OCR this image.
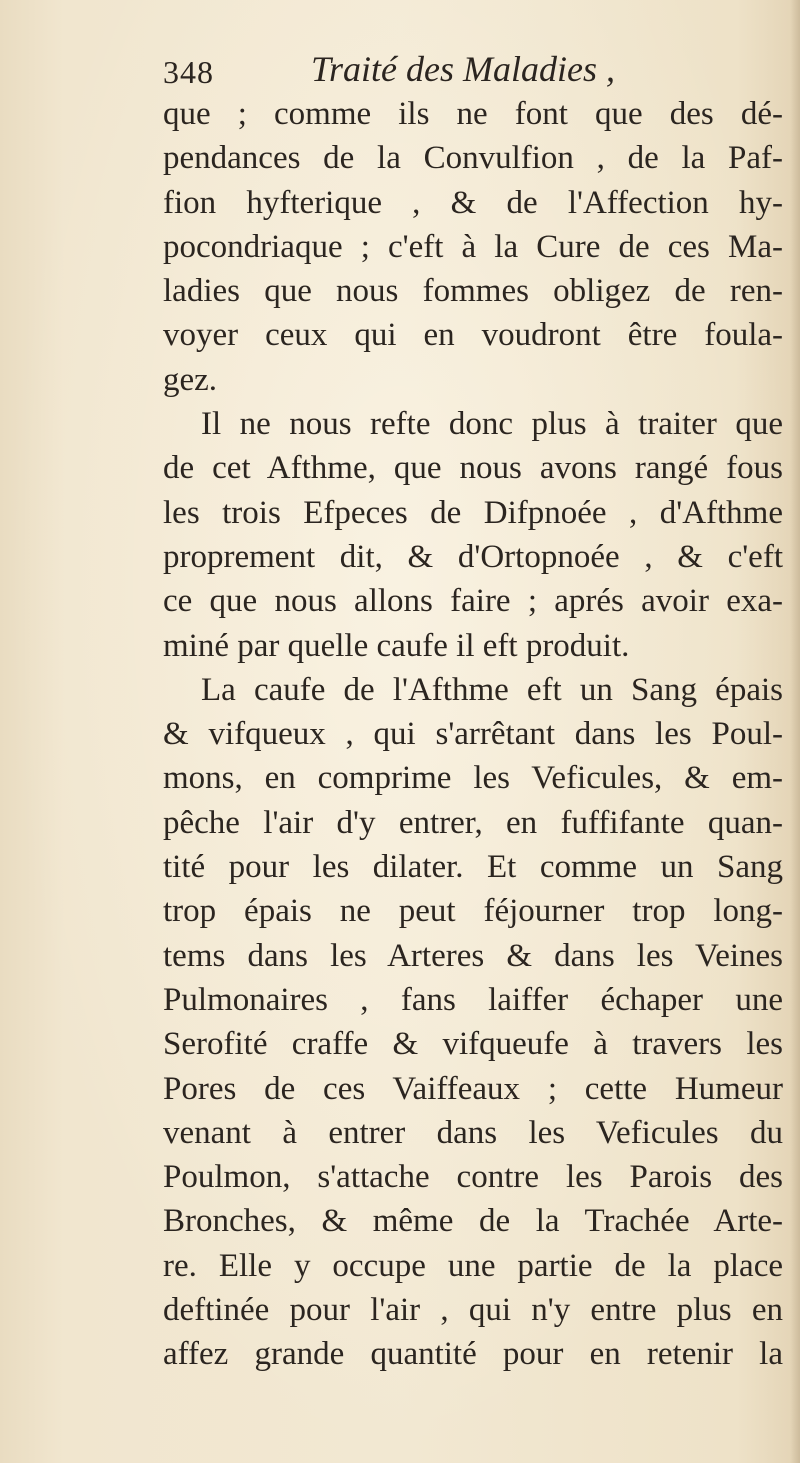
348	Traité des Maladies ,
que ; comme ils ne font que des dé-
pendances de la Convulfion , de la Paf-
fion hyfterique , & de l'Affection hy-
pocondriaque ; c'eft à la Cure de ces Ma-
ladies que nous fommes obligez de ren-
voyer ceux qui en voudront être foula-
gez.
Il ne nous refte donc plus à traiter que
de cet Afthme, que nous avons rangé fous
les trois Efpeces de Difpnoée , d'Afthme
proprement dit, & d'Ortopnoée , & c'eft
ce que nous allons faire ; aprés avoir exa-
miné par quelle caufe il eft produit.
La caufe de l'Afthme eft un Sang épais
& vifqueux , qui s'arrêtant dans les Poul-
mons, en comprime les Veficules, & em-
pêche l'air d'y entrer, en fuffifante quan-
tité pour les dilater. Et comme un Sang
trop épais ne peut féjourner trop long-
tems dans les Arteres & dans les Veines
Pulmonaires , fans laiffer échaper une
Serofité craffe & vifqueufe à travers les
Pores de ces Vaiffeaux ; cette Humeur
venant à entrer dans les Veficules du
Poulmon, s'attache contre les Parois des
Bronches, & même de la Trachée Arte-
re. Elle y occupe une partie de la place
deftinée pour l'air , qui n'y entre plus en
affez grande quantité pour en retenir la
